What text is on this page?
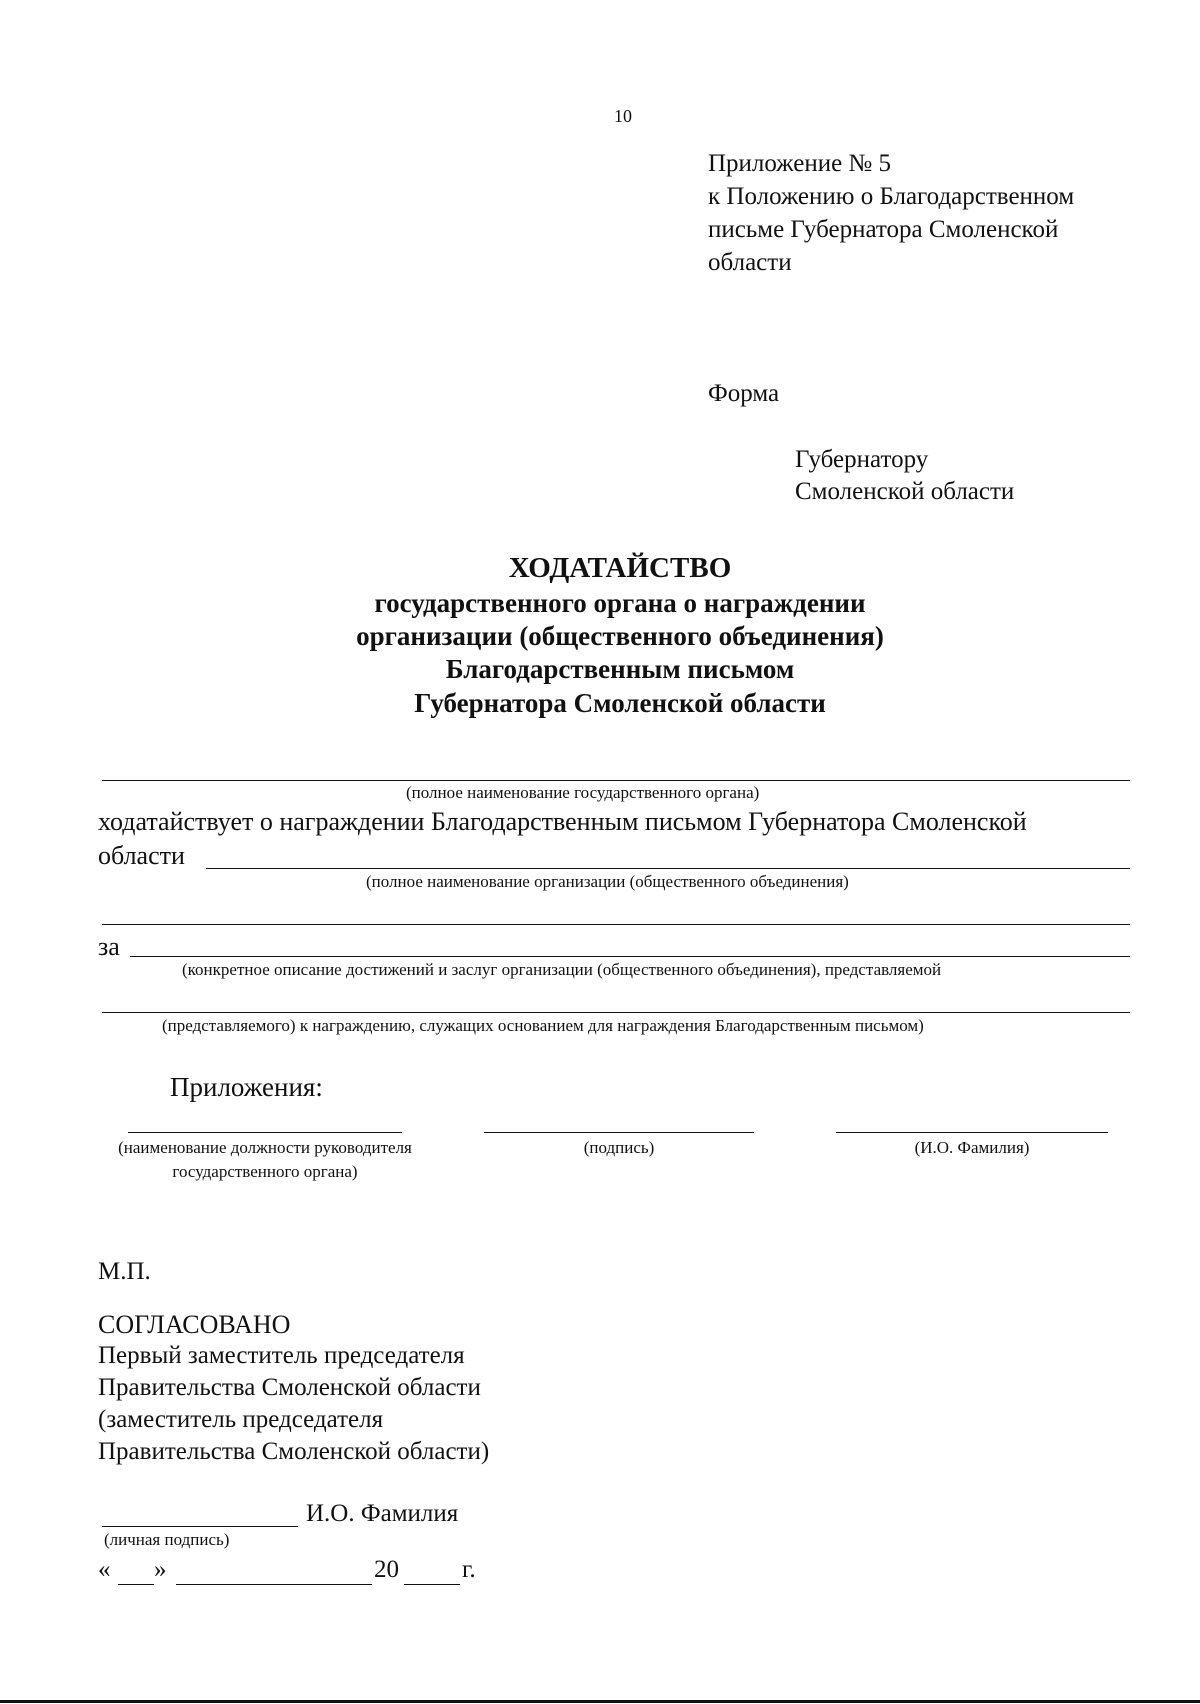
10
Приложение № 5
к Положению о Благодарственном
письме Губернатора Смоленской
области
Форма
Губернатору
Смоленской области
ХОДАТАЙСТВО
государственного органа о награждении
организации (общественного объединения)
Благодарственным письмом
Губернатора Смоленской области
(полное наименование государственного органа)
ходатайствует о награждении Благодарственным письмом Губернатора Смоленской
области
(полное наименование организации (общественного объединения)
за
(конкретное описание достижений и заслуг организации (общественного объединения), представляемой
(представляемого) к награждению, служащих основанием для награждения Благодарственным письмом)
Приложения:
(наименование должности руководителя государственного органа)
(подпись)	(И.О. Фамилия)
М.П.
СОГЛАСОВАНО
Первый заместитель председателя
Правительства Смоленской области
(заместитель председателя
Правительства Смоленской области)
И.О. Фамилия
(личная подпись)
« »	20	г.
